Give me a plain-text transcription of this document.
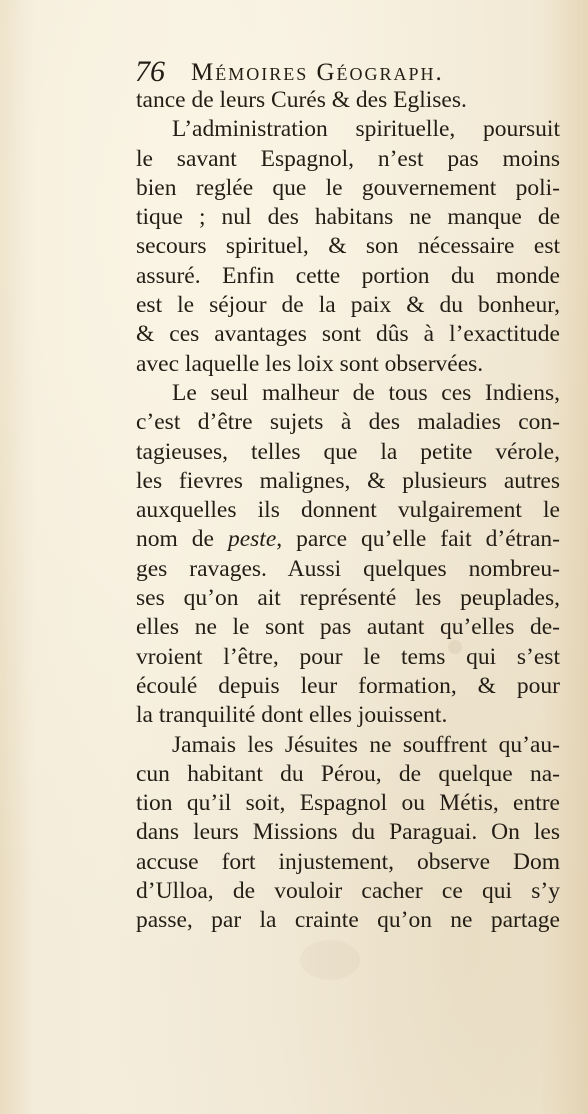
76 Mémoires Géograph.
tance de leurs Curés & des Eglises.
L’administration spirituelle, poursuit
le savant Espagnol, n’est pas moins
bien reglée que le gouvernement poli-
tique ; nul des habitans ne manque de
secours spirituel, & son nécessaire est
assuré. Enfin cette portion du monde
est le séjour de la paix & du bonheur,
& ces avantages sont dûs à l’exactitude
avec laquelle les loix sont observées.
Le seul malheur de tous ces Indiens,
c’est d’être sujets à des maladies con-
tagieuses, telles que la petite vérole,
les fievres malignes, & plusieurs autres
auxquelles ils donnent vulgairement le
nom de peste, parce qu’elle fait d’étran-
ges ravages. Aussi quelques nombreu-
ses qu’on ait représenté les peuplades,
elles ne le sont pas autant qu’elles de-
vroient l’être, pour le tems qui s’est
écoulé depuis leur formation, & pour
la tranquilité dont elles jouissent.
Jamais les Jésuites ne souffrent qu’au-
cun habitant du Pérou, de quelque na-
tion qu’il soit, Espagnol ou Métis, entre
dans leurs Missions du Paraguai. On les
accuse fort injustement, observe Dom
d’Ulloa, de vouloir cacher ce qui s’y
passe, par la crainte qu’on ne partage
